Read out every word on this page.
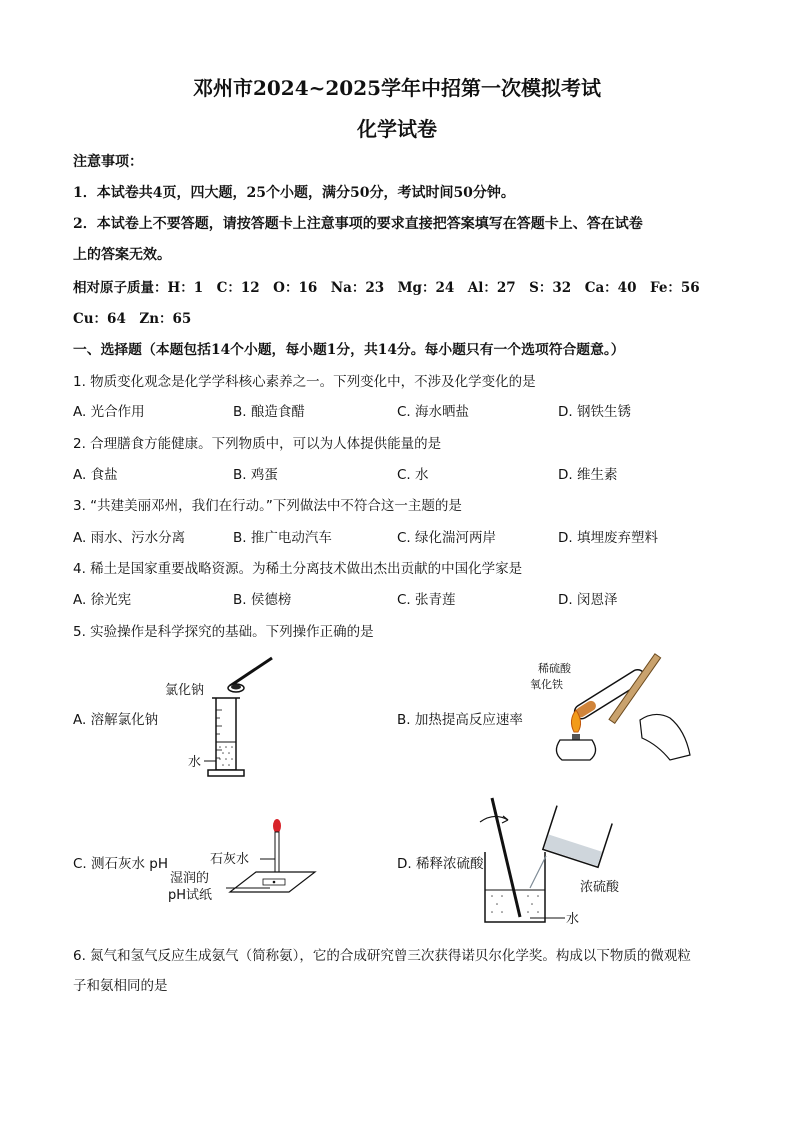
邓州市2024~2025学年中招第一次模拟考试
化学试卷
注意事项：
1．本试卷共4页，四大题，25个小题，满分50分，考试时间50分钟。
2．本试卷上不要答题，请按答题卡上注意事项的要求直接把答案填写在答题卡上、答在试卷
上的答案无效。
相对原子质量：H：1　C：12　O：16　Na：23　Mg：24　Al：27　S：32　Ca：40　Fe：56
Cu：64　Zn：65
一、选择题（本题包括14个小题，每小题1分，共14分。每小题只有一个选项符合题意。）
1. 物质变化观念是化学学科核心素养之一。下列变化中，不涉及化学变化的是
A. 光合作用	B. 酿造食醋	C. 海水晒盐	D. 钢铁生锈
2. 合理膳食方能健康。下列物质中，可以为人体提供能量的是
A. 食盐	B. 鸡蛋	C. 水	D. 维生素
3. “共建美丽邓州，我们在行动。”下列做法中不符合这一主题的是
A. 雨水、污水分离	B. 推广电动汽车	C. 绿化湍河两岸	D. 填埋废弃塑料
4. 稀土是国家重要战略资源。为稀土分离技术做出杰出贡献的中国化学家是
A. 徐光宪	B. 侯德榜	C. 张青莲	D. 闵恩泽
5. 实验操作是科学探究的基础。下列操作正确的是
A. 溶解氯化钠	B. 加热提高反应速率
C. 测石灰水 pH	D. 稀释浓硫酸
氯化钠
水
稀硫酸
氧化铁
石灰水
湿润的
pH试纸
水
浓硫酸
6. 氮气和氢气反应生成氨气（简称氨），它的合成研究曾三次获得诺贝尔化学奖。构成以下物质的微观粒
子和氨相同的是
